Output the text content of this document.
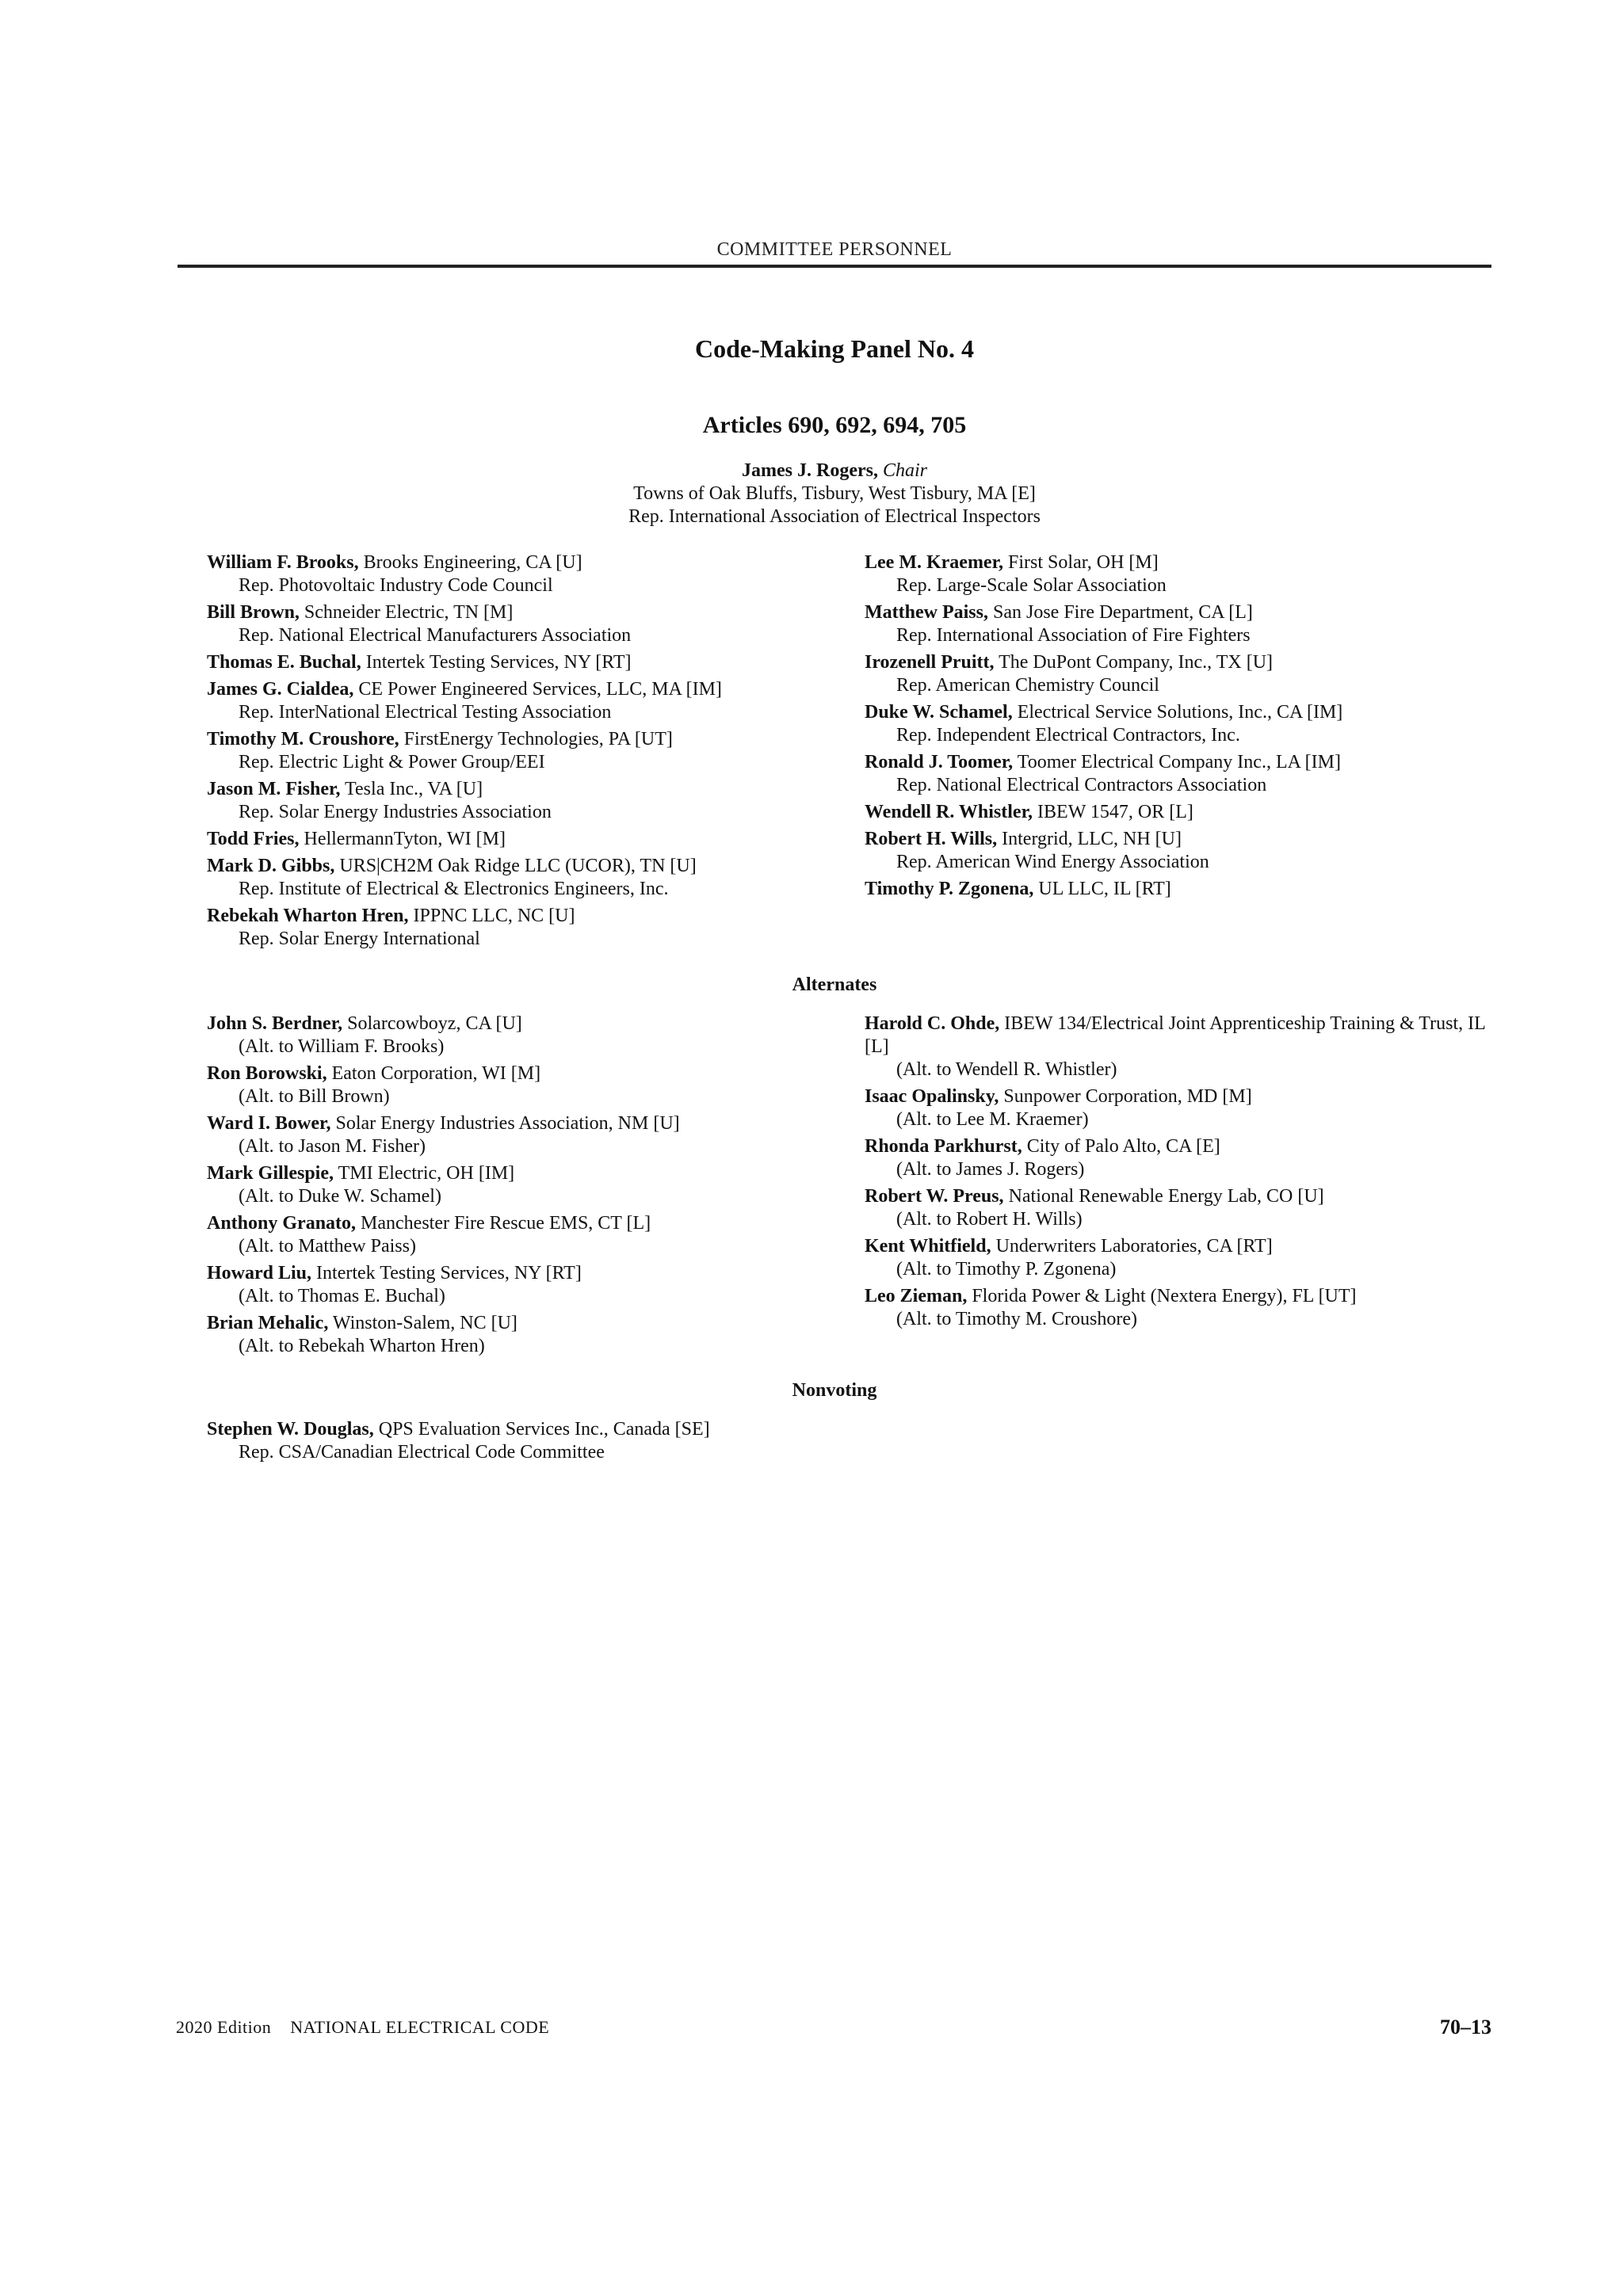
COMMITTEE PERSONNEL
Code-Making Panel No. 4
Articles 690, 692, 694, 705
James J. Rogers, Chair
Towns of Oak Bluffs, Tisbury, West Tisbury, MA [E]
Rep. International Association of Electrical Inspectors
William F. Brooks, Brooks Engineering, CA [U]
Rep. Photovoltaic Industry Code Council
Bill Brown, Schneider Electric, TN [M]
Rep. National Electrical Manufacturers Association
Thomas E. Buchal, Intertek Testing Services, NY [RT]
James G. Cialdea, CE Power Engineered Services, LLC, MA [IM]
Rep. InterNational Electrical Testing Association
Timothy M. Croushore, FirstEnergy Technologies, PA [UT]
Rep. Electric Light & Power Group/EEI
Jason M. Fisher, Tesla Inc., VA [U]
Rep. Solar Energy Industries Association
Todd Fries, HellermannTyton, WI [M]
Mark D. Gibbs, URS|CH2M Oak Ridge LLC (UCOR), TN [U]
Rep. Institute of Electrical & Electronics Engineers, Inc.
Rebekah Wharton Hren, IPPNC LLC, NC [U]
Rep. Solar Energy International
Lee M. Kraemer, First Solar, OH [M]
Rep. Large-Scale Solar Association
Matthew Paiss, San Jose Fire Department, CA [L]
Rep. International Association of Fire Fighters
Irozenell Pruitt, The DuPont Company, Inc., TX [U]
Rep. American Chemistry Council
Duke W. Schamel, Electrical Service Solutions, Inc., CA [IM]
Rep. Independent Electrical Contractors, Inc.
Ronald J. Toomer, Toomer Electrical Company Inc., LA [IM]
Rep. National Electrical Contractors Association
Wendell R. Whistler, IBEW 1547, OR [L]
Robert H. Wills, Intergrid, LLC, NH [U]
Rep. American Wind Energy Association
Timothy P. Zgonena, UL LLC, IL [RT]
Alternates
John S. Berdner, Solarcowboyz, CA [U]
(Alt. to William F. Brooks)
Ron Borowski, Eaton Corporation, WI [M]
(Alt. to Bill Brown)
Ward I. Bower, Solar Energy Industries Association, NM [U]
(Alt. to Jason M. Fisher)
Mark Gillespie, TMI Electric, OH [IM]
(Alt. to Duke W. Schamel)
Anthony Granato, Manchester Fire Rescue EMS, CT [L]
(Alt. to Matthew Paiss)
Howard Liu, Intertek Testing Services, NY [RT]
(Alt. to Thomas E. Buchal)
Brian Mehalic, Winston-Salem, NC [U]
(Alt. to Rebekah Wharton Hren)
Harold C. Ohde, IBEW 134/Electrical Joint Apprenticeship Training & Trust, IL [L]
(Alt. to Wendell R. Whistler)
Isaac Opalinsky, Sunpower Corporation, MD [M]
(Alt. to Lee M. Kraemer)
Rhonda Parkhurst, City of Palo Alto, CA [E]
(Alt. to James J. Rogers)
Robert W. Preus, National Renewable Energy Lab, CO [U]
(Alt. to Robert H. Wills)
Kent Whitfield, Underwriters Laboratories, CA [RT]
(Alt. to Timothy P. Zgonena)
Leo Zieman, Florida Power & Light (Nextera Energy), FL [UT]
(Alt. to Timothy M. Croushore)
Nonvoting
Stephen W. Douglas, QPS Evaluation Services Inc., Canada [SE]
Rep. CSA/Canadian Electrical Code Committee
2020 Edition NATIONAL ELECTRICAL CODE	70–13
